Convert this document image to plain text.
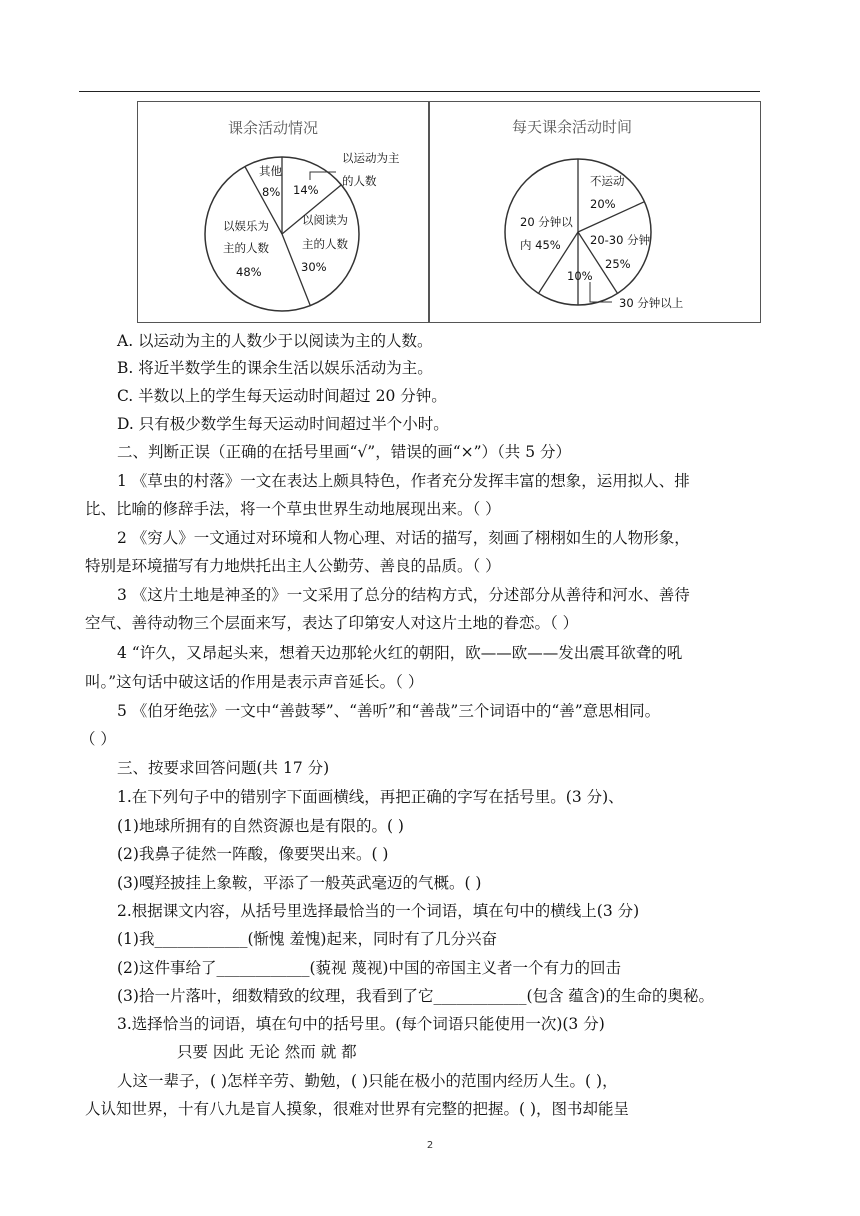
课余活动情况
其他
8% 14%
以阅读为
主的人数
30%
以娱乐为
主的人数
48%
以运动为主
的人数
每天课余活动时间
不运动
20%
20-30 分钟
25%
10%
20 分钟以
内 45%
30 分钟以上
A. 以运动为主的人数少于以阅读为主的人数。
B. 将近半数学生的课余生活以娱乐活动为主。
C. 半数以上的学生每天运动时间超过 20 分钟。
D. 只有极少数学生每天运动时间超过半个小时。
二、判断正误（正确的在括号里画“√”，错误的画“×”）（共 5 分）
1 《草虫的村落》一文在表达上颇具特色，作者充分发挥丰富的想象，运用拟人、排
比、比喻的修辞手法，将一个草虫世界生动地展现出来。（ ）
2 《穷人》一文通过对环境和人物心理、对话的描写，刻画了栩栩如生的人物形象，
特别是环境描写有力地烘托出主人公勤劳、善良的品质。（ ）
3 《这片土地是神圣的》一文采用了总分的结构方式，分述部分从善待和河水、善待
空气、善待动物三个层面来写，表达了印第安人对这片土地的眷恋。（ ）
4 “许久，又昂起头来，想着天边那轮火红的朝阳，欧——欧——发出震耳欲聋的吼
叫。”这句话中破这话的作用是表示声音延长。（ ）
5 《伯牙绝弦》一文中“善鼓琴”、“善听”和“善哉”三个词语中的“善”意思相同。
（ ）
三、按要求回答问题(共 17 分)
1.在下列句子中的错别字下面画横线，再把正确的字写在括号里。(3 分)、
(1)地球所拥有的自然资源也是有限的。( )
(2)我鼻子徒然一阵酸，像要哭出来。( )
(3)嘎羟披挂上象鞍，平添了一般英武毫迈的气概。( )
2.根据课文内容，从括号里选择最恰当的一个词语，填在句中的横线上(3 分)
(1)我____________(惭愧 羞愧)起来，同时有了几分兴奋
(2)这件事给了____________(藐视 蔑视)中国的帝国主义者一个有力的回击
(3)拾一片落叶，细数精致的纹理，我看到了它____________(包含 蕴含)的生命的奥秘。
3.选择恰当的词语，填在句中的括号里。(每个词语只能使用一次)(3 分)
只要 因此 无论 然而 就 都
人这一辈子，( )怎样辛劳、勤勉，( )只能在极小的范围内经历人生。( )，
人认知世界，十有八九是盲人摸象，很难对世界有完整的把握。( )，图书却能呈
2
